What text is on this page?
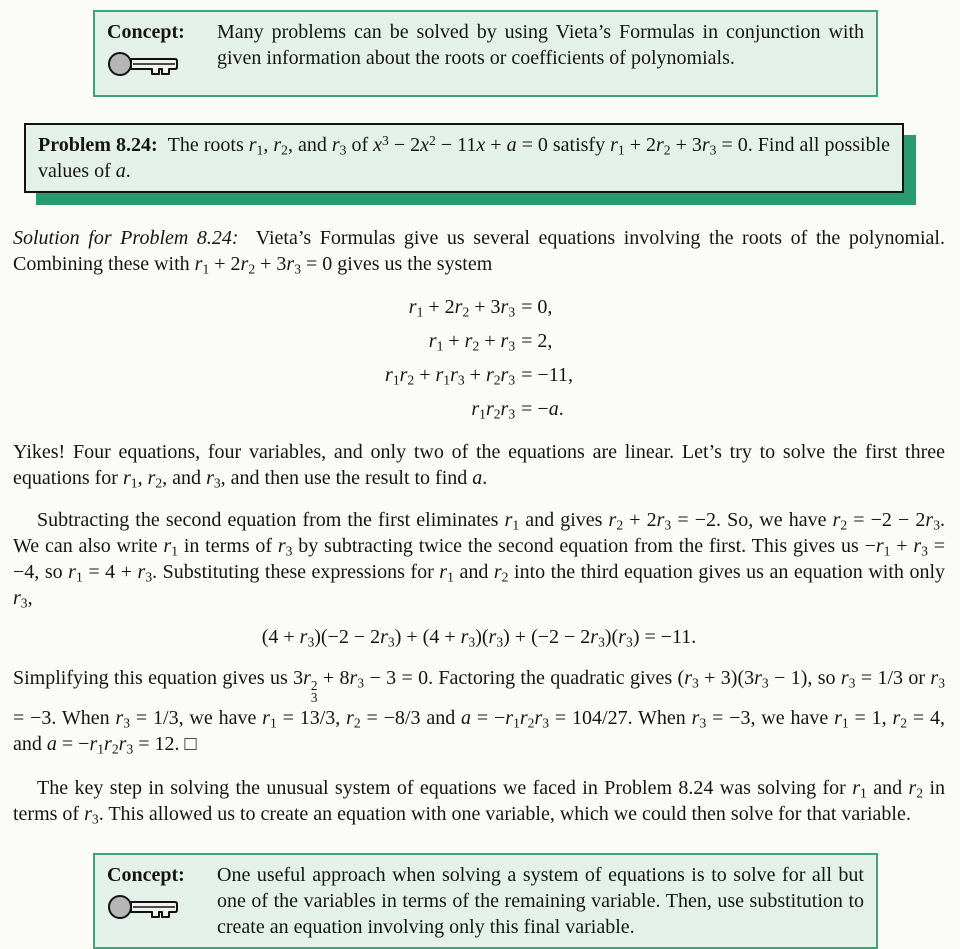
Concept:	Many problems can be solved by using Vieta’s Formulas in conjunction with given information about the roots or coefficients of polynomials.

Problem 8.24: The roots $r_1$, $r_2$, and $r_3$ of $x^3 - 2x^2 - 11x + a = 0$ satisfy $r_1 + 2r_2 + 3r_3 = 0$. Find all possible values of a.

Solution for Problem 8.24:  Vieta’s Formulas give us several equations involving the roots of the polynomial. Combining these with $r_1 + 2r_2 + 3r_3 = 0$ gives us the system

$r_1 + 2r_2 + 3r_3$	= 0,
$r_1 + r_2 + r_3$	= 2,
$r_1r_2 + r_1r_3 + r_2r_3$	= −11,
$r_1r_2r_3$	= −a.

Yikes! Four equations, four variables, and only two of the equations are linear. Let’s try to solve the first three equations for $r_1$, $r_2$, and $r_3$, and then use the result to find a.

Subtracting the second equation from the first eliminates $r_1$ and gives $r_2 + 2r_3 = -2$. So, we have $r_2 = -2 - 2r_3$. We can also write $r_1$ in terms of $r_3$ by subtracting twice the second equation from the first. This gives us $-r_1 + r_3 = -4$, so $r_1 = 4 + r_3$. Substituting these expressions for $r_1$ and $r_2$ into the third equation gives us an equation with only $r_3$,

$(4 + r_3)(-2 - 2r_3) + (4 + r_3)(r_3) + (-2 - 2r_3)(r_3) = -11$.

Simplifying this equation gives us 3r 2
3
+ $8r_3 - 3 = 0$. Factoring the quadratic gives $(r_3 + 3)(3r_3 - 1)$, so $r_3 = 1/3$ or $r_3 = -3$. When $r_3 = 1/3$, we have $r_1 = 13/3$, $r_2 = -8/3$ and $a = -r_1r_2r_3 = 104/27$. When $r_3 = -3$, we have $r_1 = 1$, $r_2 = 4$, and $a = -r_1r_2r_3 = 12$. □

The key step in solving the unusual system of equations we faced in Problem 8.24 was solving for $r_1$ and $r_2$ in terms of $r_3$. This allowed us to create an equation with one variable, which we could then solve for that variable.

Concept:	One useful approach when solving a system of equations is to solve for all but one of the variables in terms of the remaining variable. Then, use substitution to create an equation involving only this final variable.
